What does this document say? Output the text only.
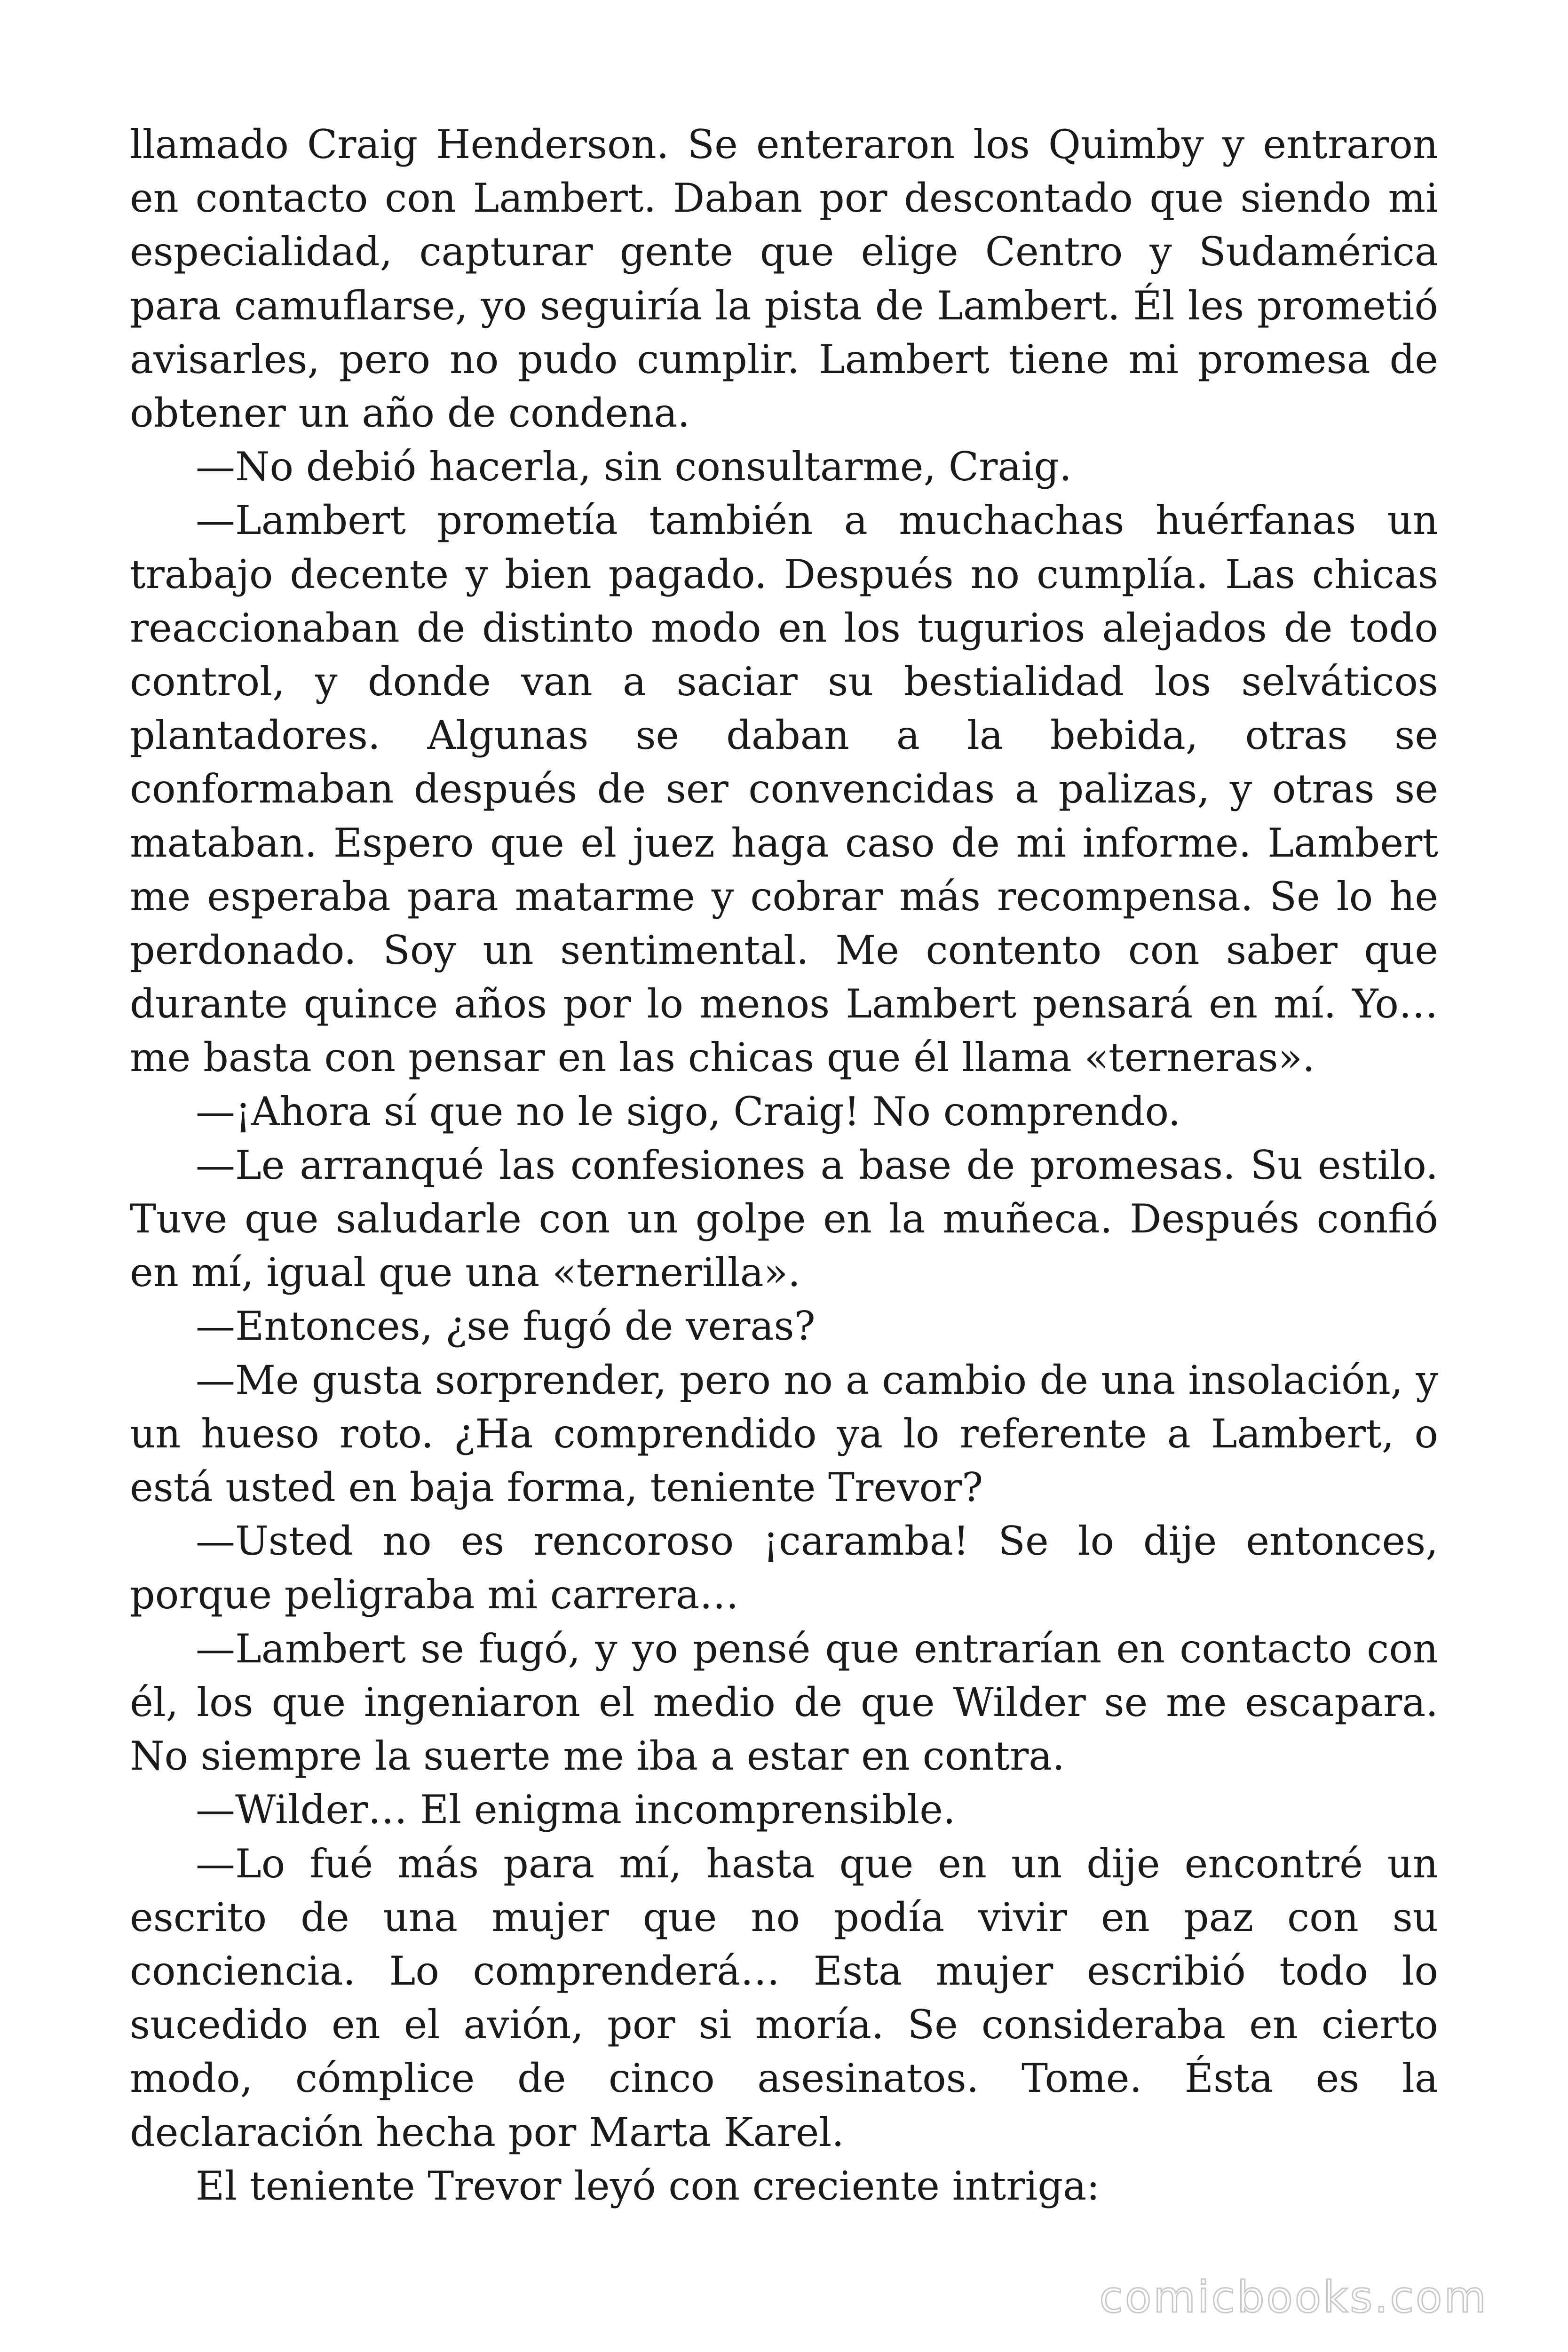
llamado Craig Henderson. Se enteraron los Quimby y entraron en contacto con Lambert. Daban por descontado que siendo mi especialidad, capturar gente que elige Centro y Sudamérica para camuflarse, yo seguiría la pista de Lambert. Él les prometió avisarles, pero no pudo cumplir. Lambert tiene mi promesa de obtener un año de condena.

—No debió hacerla, sin consultarme, Craig.

—Lambert prometía también a muchachas huérfanas un trabajo decente y bien pagado. Después no cumplía. Las chicas reaccionaban de distinto modo en los tugurios alejados de todo control, y donde van a saciar su bestialidad los selváticos plantadores. Algunas se daban a la bebida, otras se conformaban después de ser convencidas a palizas, y otras se mataban. Espero que el juez haga caso de mi informe. Lambert me esperaba para matarme y cobrar más recompensa. Se lo he perdonado. Soy un sentimental. Me contento con saber que durante quince años por lo menos Lambert pensará en mí. Yo… me basta con pensar en las chicas que él llama «terneras».

—¡Ahora sí que no le sigo, Craig! No comprendo.

—Le arranqué las confesiones a base de promesas. Su estilo. Tuve que saludarle con un golpe en la muñeca. Después confió en mí, igual que una «ternerilla».

—Entonces, ¿se fugó de veras?

—Me gusta sorprender, pero no a cambio de una insolación, y un hueso roto. ¿Ha comprendido ya lo referente a Lambert, o está usted en baja forma, teniente Trevor?

—Usted no es rencoroso ¡caramba! Se lo dije entonces, porque peligraba mi carrera…

—Lambert se fugó, y yo pensé que entrarían en contacto con él, los que ingeniaron el medio de que Wilder se me escapara. No siempre la suerte me iba a estar en contra.

—Wilder… El enigma incomprensible.

—Lo fué más para mí, hasta que en un dije encontré un escrito de una mujer que no podía vivir en paz con su conciencia. Lo comprenderá… Esta mujer escribió todo lo sucedido en el avión, por si moría. Se consideraba en cierto modo, cómplice de cinco asesinatos. Tome. Ésta es la declaración hecha por Marta Karel.

El teniente Trevor leyó con creciente intriga:

comicbooks.com
